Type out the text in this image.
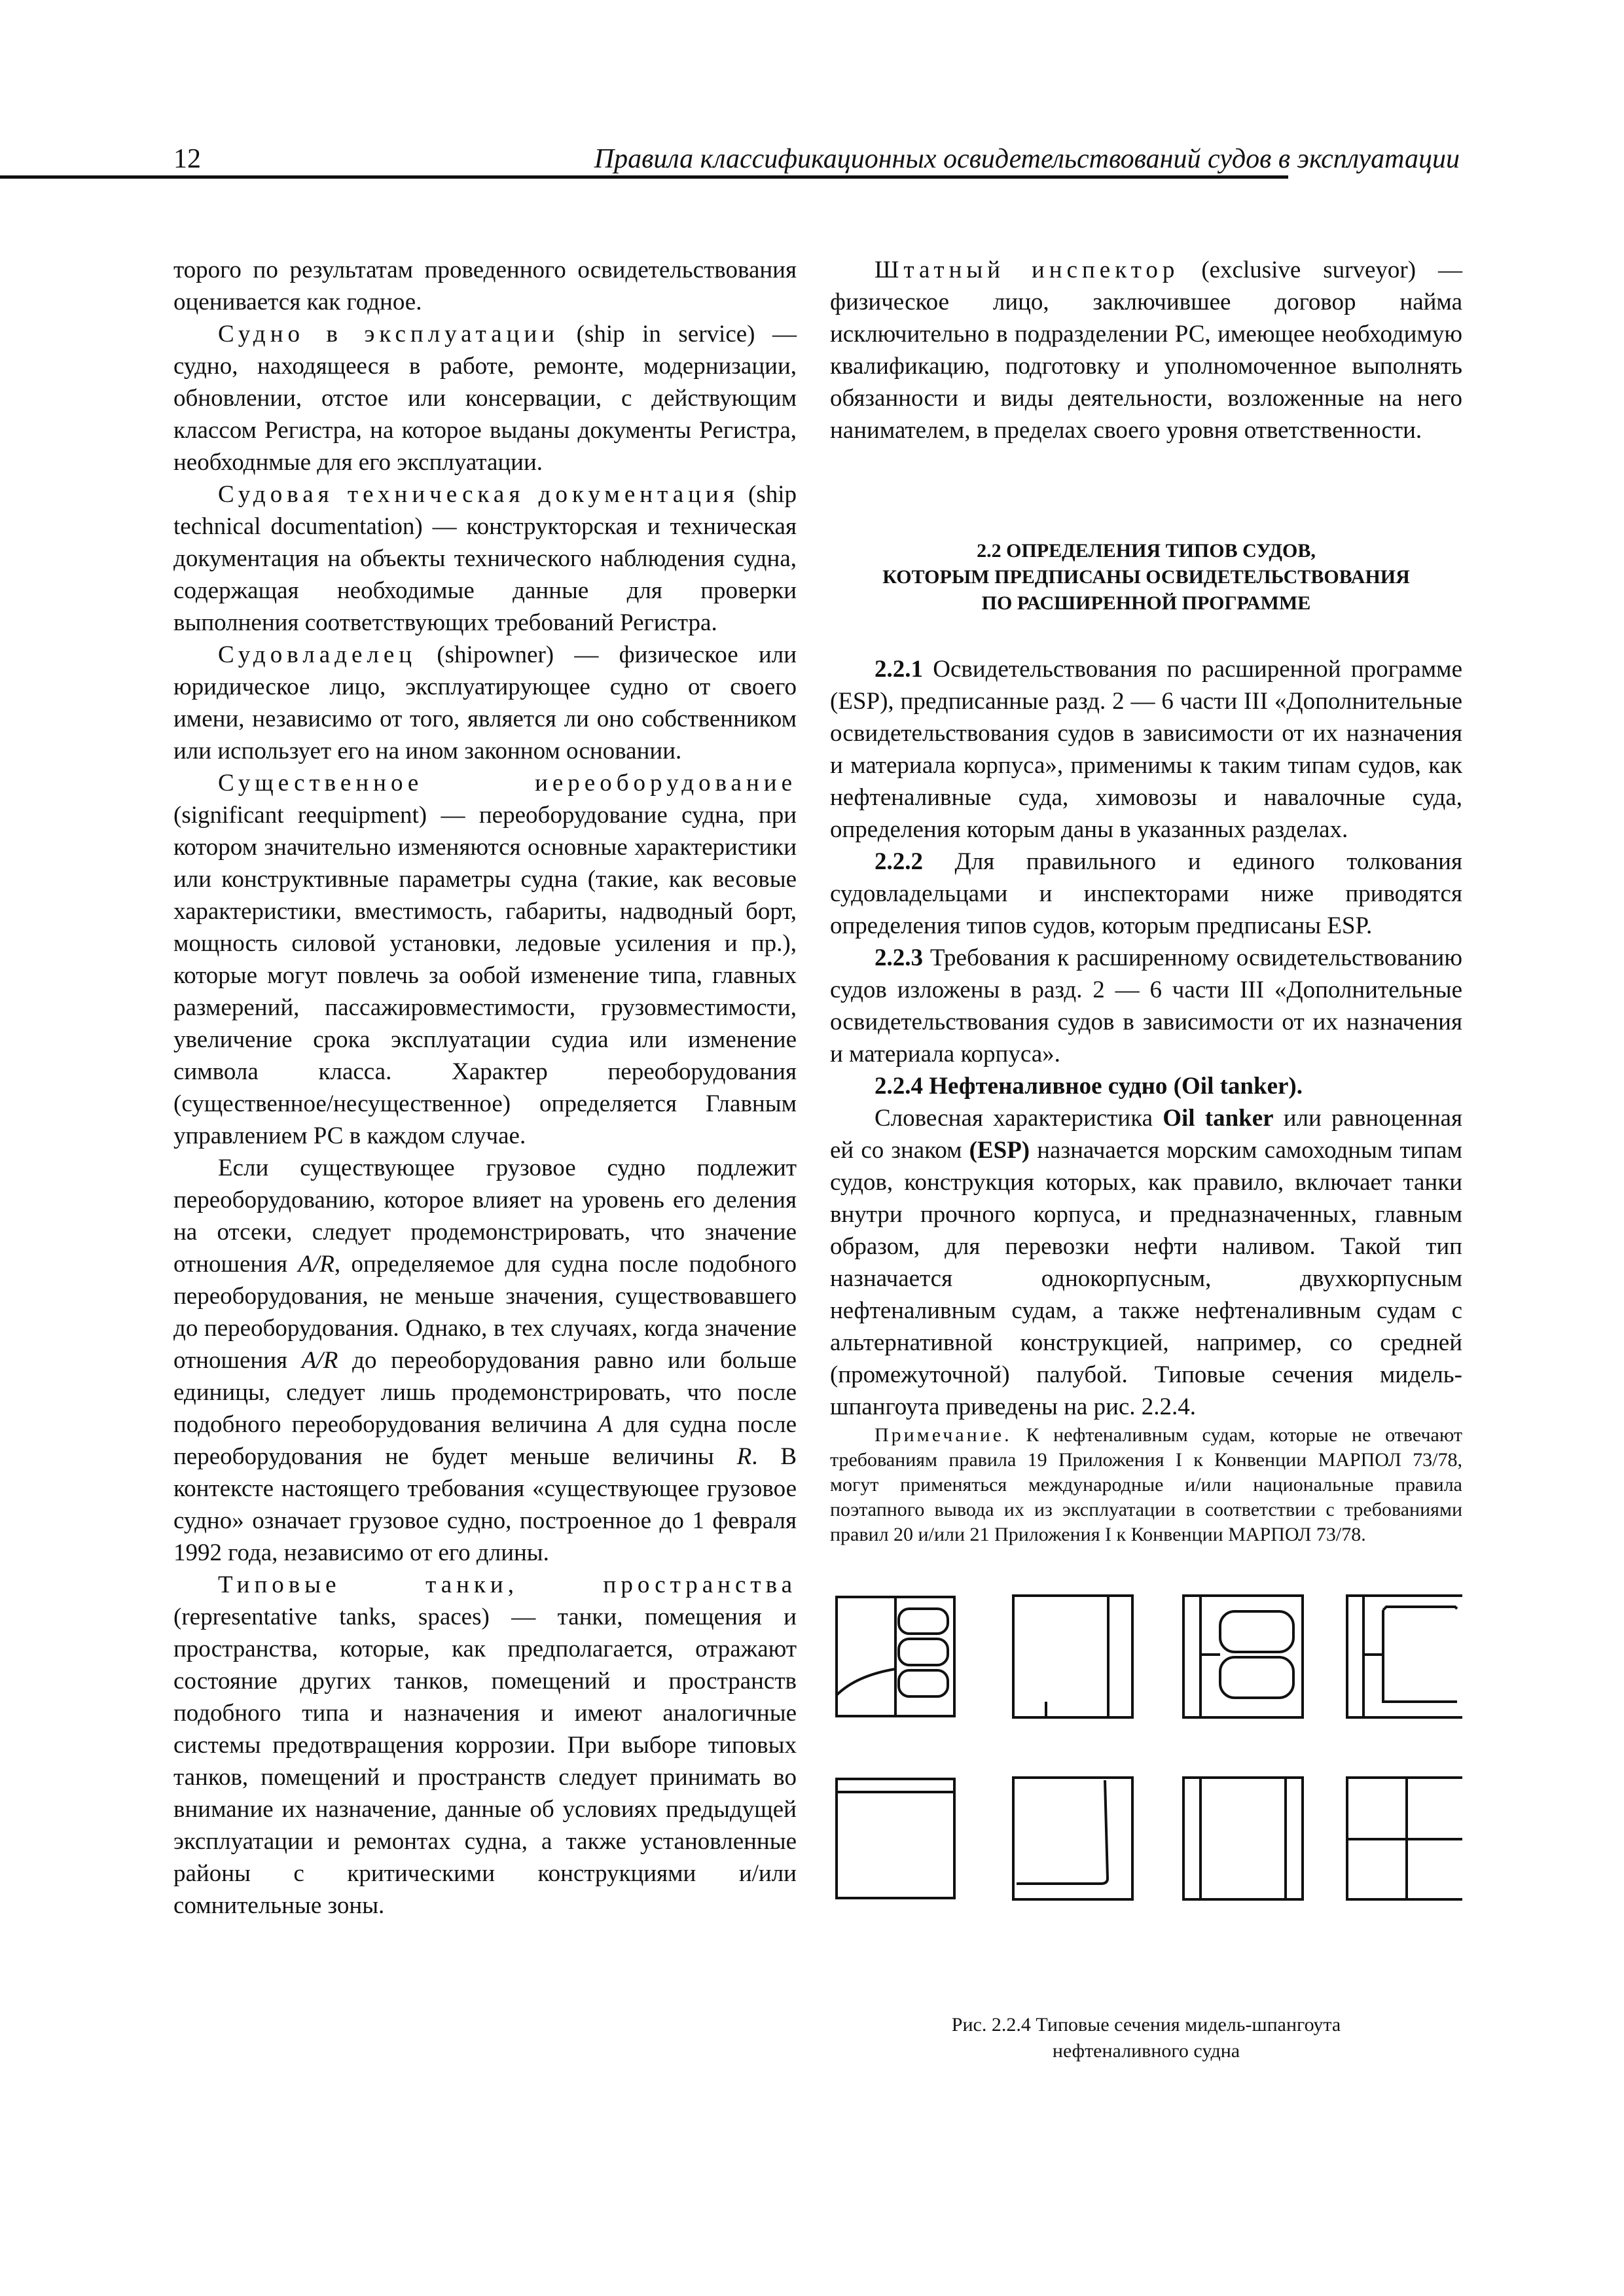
12	Правила классификационных освидетельствований судов в эксплуатации

торого по результатам проведенного освидетельствования оценивается как годное.

Судно в эксплуатации (ship in service) — судно, находящееся в работе, ремонте, модернизации, обновлении, отстое или консервации, с действующим классом Регистра, на которое выданы документы Регистра, необходнмые для его эксплуатации.

Судовая техническая документация (ship technical documentation) — конструкторская и техническая документация на объекты технического наблюдения судна, содержащая необходимые данные для проверки выполнения соответствующих требований Регистра.

Судовладелец (shipowner) — физическое или юридическое лицо, эксплуатирующее судно от своего имени, независимо от того, является ли оно собственником или использует его на ином законном основании.

Существенное иереоборудование (significant reequipment) — переоборудование судна, при котором значительно изменяются основные характеристики или конструктивные параметры судна (такие, как весовые характеристики, вместимость, габариты, надводный борт, мощность силовой установки, ледовые усиления и пр.), которые могут повлечь за oобой изменение типа, главных размерений, пассажировместимости, грузовместимости, увеличение срока эксплуатации судиа или изменение символа класса. Характер переоборудования (существенное/несущественное) определяется Главным управлением РС в каждом случае.

Если существующее грузовое судно подлежит переоборудованию, которое влияет на уровень его деления на отсеки, следует продемонстрировать, что значение отношения A/R, определяемое для судна после подобного переоборудования, не меньше значения, существовавшего до переоборудования. Однако, в тех случаях, когда значение отношения A/R до переоборудования равно или больше единицы, следует лишь продемонстрировать, что после подобного переоборудования величина A для судна после переоборудования не будет меньше величины R. В контексте настоящего требования «существующее грузовое судно» означает грузовое судно, построенное до 1 февраля 1992 года, независимо от его длины.

Типовые танки, пространства (representative tanks, spaces) — танки, помещения и пространства, которые, как предполагается, отражают состояние других танков, помещений и пространств подобного типа и назначения и имеют аналогичные системы предотвращения коррозии. При выборе типовых танков, помещений и пространств следует принимать во внимание их назначение, данные об условиях предыдущей эксплуатации и ремонтах судна, а также установленные районы с критическими конструкциями и/или сомнительные зоны.

Штатный инспектор (exclusive surveyor) — физическое лицо, заключившее договор найма исключительно в подразделении РС, имеющее необходимую квалификацию, подготовку и уполномоченное выполнять обязанности и виды деятельности, возложенные на него нанимателем, в пределах своего уровня ответственности.

2.2 ОПРЕДЕЛЕНИЯ ТИПОВ СУДОВ,
КОТОРЫМ ПРЕДПИСАНЫ ОСВИДЕТЕЛЬСТВОВАНИЯ
ПО РАСШИРЕННОЙ ПРОГРАММЕ

2.2.1 Освидетельствования по расширенной программе (ESP), предписанные разд. 2 — 6 части III «Дополнительные освидетельствования судов в зависимости от их назначения и материала корпуса», применимы к таким типам судов, как нефтеналивные суда, химовозы и навалочные суда, определения которым даны в указанных разделах.

2.2.2 Для правильного и единого толкования судовладельцами и инспекторами ниже приводятся определения типов судов, которым предписаны ESP.

2.2.3 Требования к расширенному освидетельствованию судов изложены в разд. 2 — 6 части III «Дополнительные освидетельствования судов в зависимости от их назначения и материала корпуса».

2.2.4 Нефтеналивное судно (Oil tanker).

Словесная характеристика Oil tanker или равноценная ей со знаком (ESP) назначается морским самоходным типам судов, конструкция которых, как правило, включает танки внутри прочного корпуса, и предназначенных, главным образом, для перевозки нефти наливом. Такой тип назначается однокорпусным, двухкорпусным нефтеналивным судам, а также нефтеналивным судам с альтернативной конструкцией, например, со средней (промежуточной) палубой. Типовые сечения мидель-шпангоута приведены на рис. 2.2.4.

Примечание. К нефтеналивным судам, которые не отвечают требованиям правила 19 Приложения I к Конвенции МАРПОЛ 73/78, могут применяться международные и/или национальные правила поэтапного вывода их из эксплуатации в соответствии с требованиями правил 20 и/или 21 Приложения I к Конвенции МАРПОЛ 73/78.

Рис. 2.2.4 Типовые сечения мидель-шпангоута
нефтеналивного судна
